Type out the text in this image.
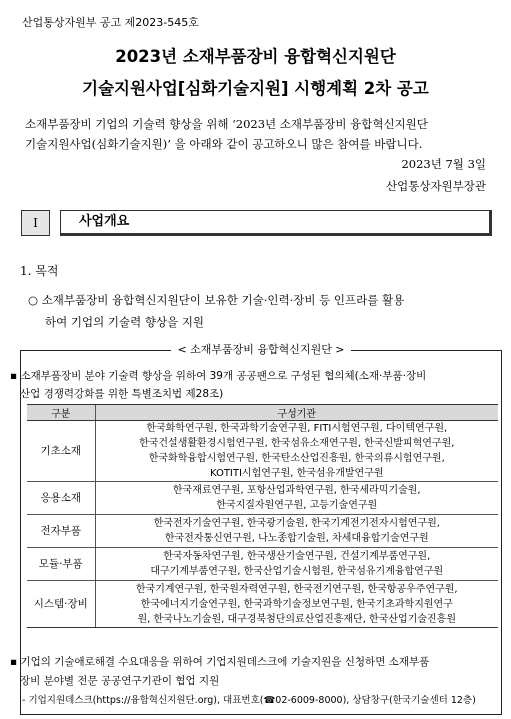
산업통상자원부 공고 제2023-545호
2023년 소재부품장비 융합혁신지원단
기술지원사업[심화기술지원] 시행계획 2차 공고
소재부품장비 기업의 기술력 향상을 위해 ‘2023년 소재부품장비 융합혁신지원단
기술지원사업(심화기술지원)’ 을 아래와 같이 공고하오니 많은 참여를 바랍니다.
2023년 7월 3일
산업통상자원부장관
Ⅰ	사업개요
1. 목적
○ 소재부품장비 융합혁신지원단이 보유한 기술·인력·장비 등 인프라를 활용
하여 기업의 기술력 향상을 지원
< 소재부품장비 융합혁신지원단 >
▪ 소재부품장비 분야 기술력 향상을 위하여 39개 공공팬으로 구성된 협의체(소재·부품·장비
산업 경쟁력강화를 위한 특별조치법 제28조)
구분	구성기관
기초소재	한국화학연구원, 한국과학기술연구원, FITI시험연구원, 다이텍연구원,
한국건설생활환경시험연구원, 한국섬유소재연구원, 한국신발피혁연구원,
한국화학융합시험연구원, 한국탄소산업진흥원, 한국의류시험연구원,
KOTITI시험연구원, 한국섬유개발연구원
응용소재	한국재료연구원, 포항산업과학연구원, 한국세라믹기술원,
한국지질자원연구원, 고등기술연구원
전자부품	한국전자기술연구원, 한국광기술원, 한국기계전기전자시험연구원,
한국전자통신연구원, 나노종합기술원, 차세대융합기술연구원
모듈·부품	한국자동차연구원, 한국생산기술연구원, 건설기계부품연구원,
대구기계부품연구원, 한국산업기술시험원, 한국섬유기계융합연구원
시스템·장비	한국기계연구원, 한국원자력연구원, 한국전기연구원, 한국항공우주연구원,
한국에너지기술연구원, 한국과학기술정보연구원, 한국기초과학지원연구
원, 한국나노기술원, 대구경북첨단의료산업진흥재단, 한국산업기술진흥원
▪ 기업의 기술애로해결 수요대응을 위하여 기업지원데스크에 기술지원을 신청하면 소재부품
장비 분야별 전문 공공연구기관이 협업 지원
- 기업지원데스크(https://융합혁신지원단.org), 대표번호(☎02-6009-8000), 상담창구(한국기술센터 12층)
